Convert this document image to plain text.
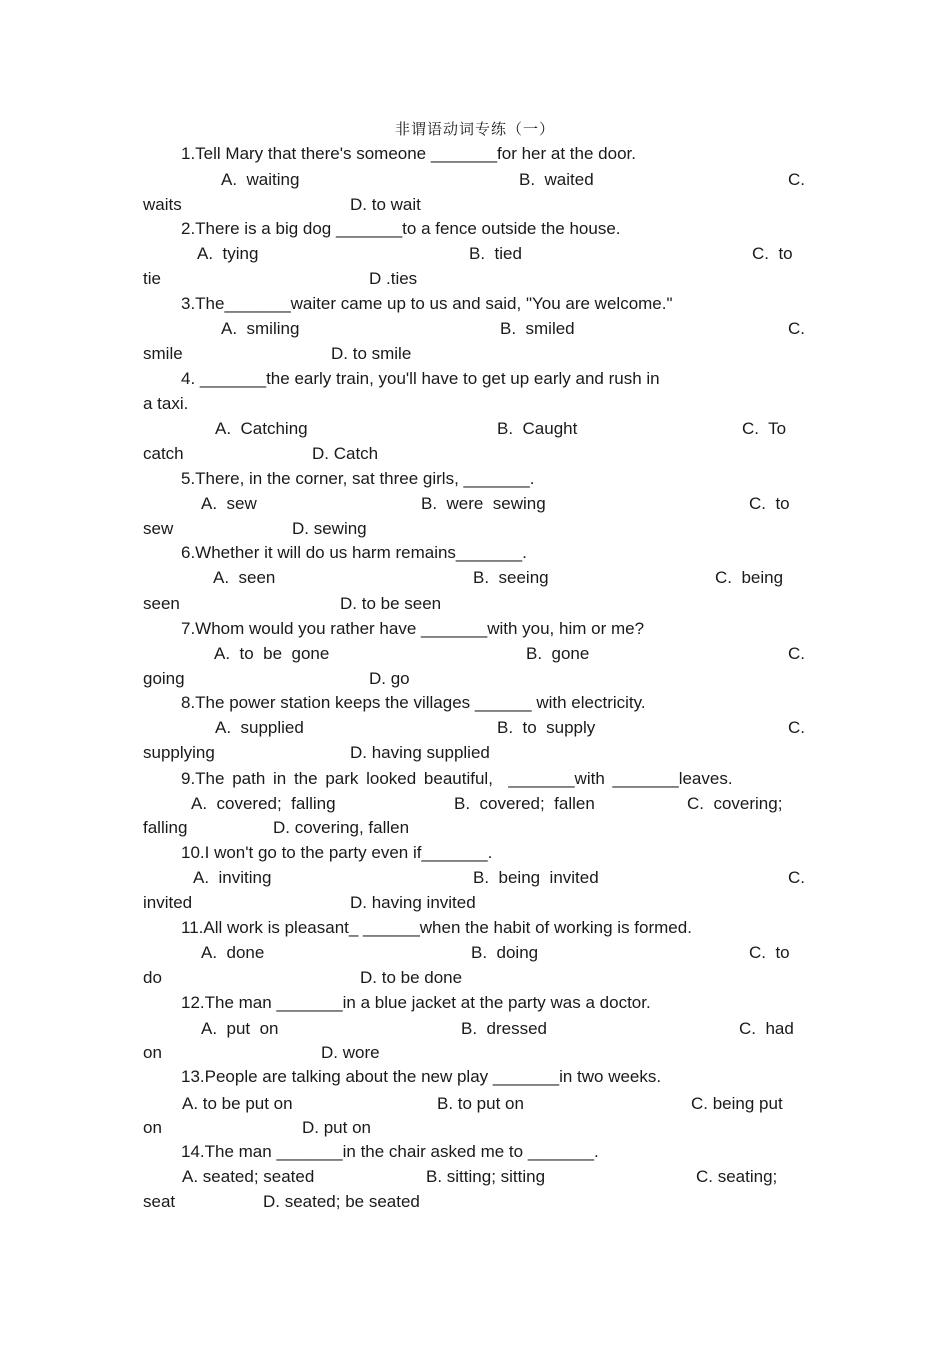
非谓语动词专练（一）
1.Tell Mary that there's someone _______for her at the door.
A.  waiting	B.  waited	C.
waits	D. to wait
2.There is a big dog _______to a fence outside the house.
A.  tying	B.  tied	C.  to
tie	D .ties
3.The_______waiter came up to us and said, "You are welcome."
A.  smiling	B.  smiled	C.
smile	D. to smile
4. _______the early train, you'll have to get up early and rush in
a taxi.
A.  Catching	B.  Caught	C.  To
catch	D. Catch
5.There, in the corner, sat three girls, _______.
A.  sew	B.  were  sewing	C.  to
sew	D. sewing
6.Whether it will do us harm remains_______.
A.  seen	B.  seeing	C.  being
seen	D. to be seen
7.Whom would you rather have _______with you, him or me?
A.  to  be  gone	B.  gone	C.
going	D. go
8.The power station keeps the villages ______ with electricity.
A.  supplied	B.  to  supply	C.
supplying	D. having supplied
9.The path in the park looked beautiful,  _______with _______leaves.
A.  covered;  falling	B.  covered;  fallen	C.  covering;
falling	D. covering, fallen
10.I won't go to the party even if_______.
A.  inviting	B.  being  invited	C.
invited	D. having invited
11.All work is pleasant_ ______when the habit of working is formed.
A.  done	B.  doing	C.  to
do	D. to be done
12.The man _______in a blue jacket at the party was a doctor.
A.  put  on	B.  dressed	C.  had
on	D. wore
13.People are talking about the new play _______in two weeks.
A. to be put on	B. to put on	C. being put
on	D. put on
14.The man _______in the chair asked me to _______.
A. seated; seated	B. sitting; sitting	C. seating;
seat	D. seated; be seated
